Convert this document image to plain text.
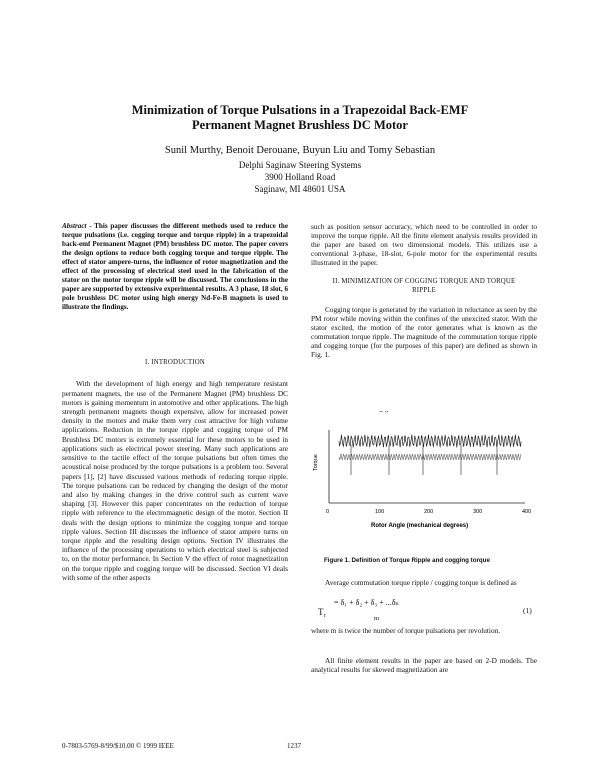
Minimization of Torque Pulsations in a Trapezoidal Back-EMF
Permanent Magnet Brushless DC Motor
Sunil Murthy, Benoit Derouane, Buyun Liu and Tomy Sebastian
Delphi Saginaw Steering Systems
3900 Holland Road
Saginaw, MI 48601 USA

Abstract - This paper discusses the different methods used to reduce the torque pulsations (i.e. cogging torque and torque ripple) in a trapezoidal back-emf Permanent Magnet (PM) brushless DC motor. The paper covers the design options to reduce both cogging torque and torque ripple. The effect of stator ampere-turns, the influence of rotor magnetization and the effect of the processing of electrical steel used in the fabrication of the stator on the motor torque ripple will be discussed. The conclusions in the paper are supported by extensive experimental results. A 3 phase, 18 slot, 6 pole brushless DC motor using high energy Nd-Fe-B magnets is used to illustrate the findings.

I. INTRODUCTION

With the development of high energy and high temperature resistant permanent magnets, the use of the Permanent Magnet (PM) brushless DC motors is gaining momentum in automotive and other applications. The high strength permanent magnets though expensive, allow for increased power density in the motors and make them very cost attractive for high volume applications. Reduction in the torque ripple and cogging torque of PM Brushless DC motors is extremely essential for these motors to be used in applications such as electrical power steering. Many such applications are sensitive to the tactile effect of the torque pulsations but often times the acoustical noise produced by the torque pulsations is a problem too. Several papers [1], [2] have discussed various methods of reducing torque ripple. The torque pulsations can be reduced by changing the design of the motor and also by making changes in the drive control such as current wave shaping [3]. However this paper concentrates on the reduction of torque ripple with reference to the electromagnetic design of the motor. Section II deals with the design options to minimize the cogging torque and torque ripple values. Section III discusses the influence of stator ampere turns on torque ripple and the resulting design options. Section IV illustrates the influence of the processing operations to which electrical steel is subjected to, on the motor performance. In Section V the effect of rotor magnetization on the torque ripple and cogging torque will be discussed. Section VI deals with some of the other aspects

such as position sensor accuracy, which need to be controlled in order to improve the torque ripple. All the finite element analysis results provided in the paper are based on two dimensional models. This utilizes use a conventional 3-phase, 18-slot, 6-pole motor for the experimental results illustrated in the paper.

II. MINIMIZATION OF COGGING TORQUE AND TORQUE
RIPPLE

Cogging torque is generated by the variation in reluctance as seen by the PM rotor while moving within the confines of the unexcited stator. With the stator excited, the motion of the rotor generates what is known as the commutation torque ripple. The magnitude of the commutation torque ripple and cogging torque (for the purposes of this paper) are defined as shown in Fig. 1.

-- --
Torque
0	100	200	300	400
Rotor Angle (mechanical degrees)
Figure 1. Definition of Torque Ripple and cogging torque

Average commutation torque ripple / cogging torque is defined as

T r
= δ₁ + δ₂ + δ₃ + ...δₙ
m
(1)

where m is twice the number of torque pulsations per revolution.

All finite element results in the paper are based on 2-D models. The analytical results for skewed magnetization are

0-7803-5769-8/99/$10.00 © 1999 IEEE	1237
